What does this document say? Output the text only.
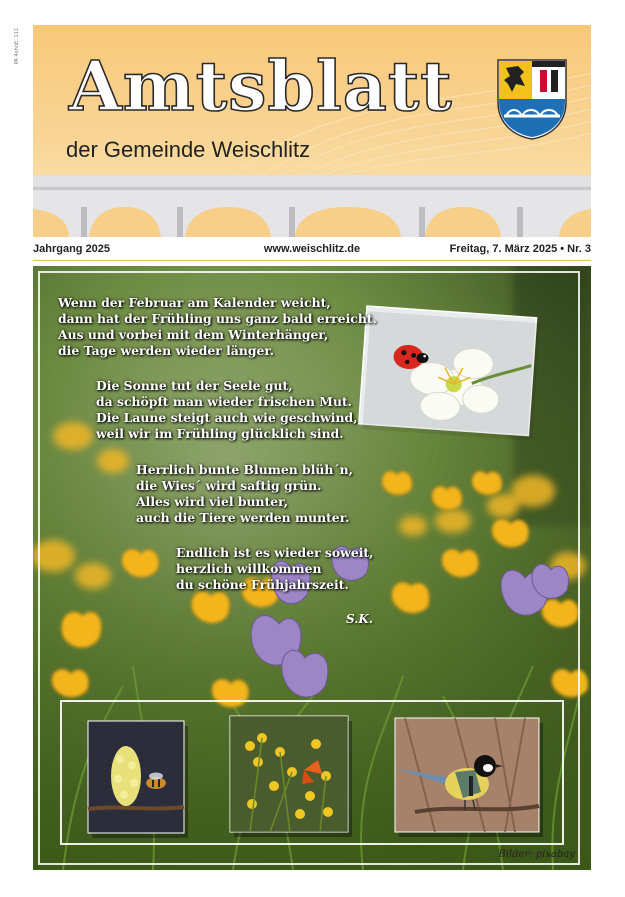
PA 4ohnE: 111
Amtsblatt
der Gemeinde Weischlitz
Jahrgang 2025	www.weischlitz.de	Freitag, 7. März 2025 • Nr. 3
Wenn der Februar am Kalender weicht,
dann hat der Frühling uns ganz bald erreicht.
Aus und vorbei mit dem Winterhänger,
die Tage werden wieder länger.
Die Sonne tut der Seele gut,
da schöpft man wieder frischen Mut.
Die Laune steigt auch wie geschwind,
weil wir im Frühling glücklich sind.
Herrlich bunte Blumen blüh´n,
die Wies´ wird saftig grün.
Alles wird viel bunter,
auch die Tiere werden munter.
Endlich ist es wieder soweit,
herzlich willkommen
du schöne Frühjahrszeit.
S.K.
Bilder: pixabay
